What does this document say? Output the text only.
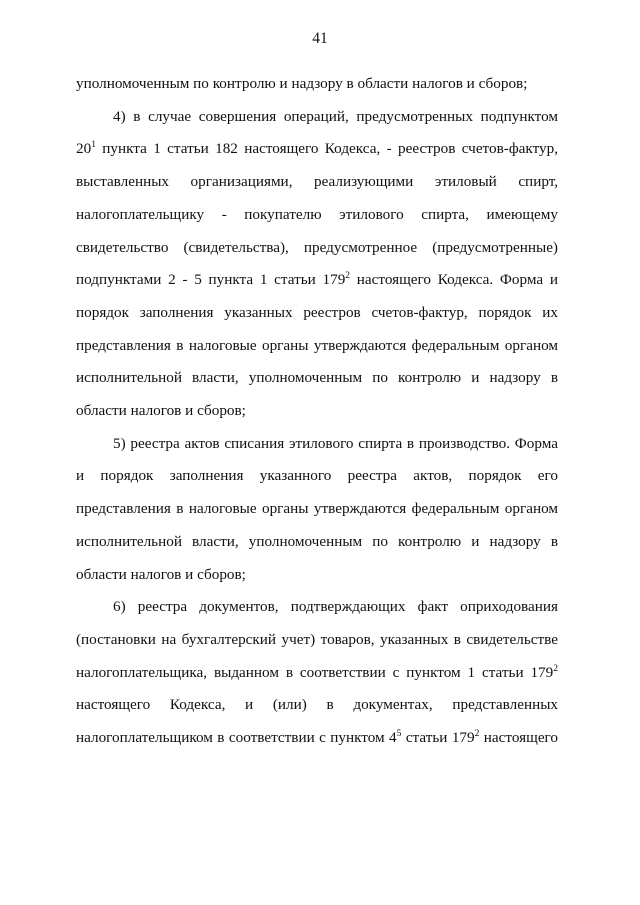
41

уполномоченным по контролю и надзору в области налогов и сборов;

4) в случае совершения операций, предусмотренных подпунктом $20^1$ пункта 1 статьи 182 настоящего Кодекса, - реестров счетов-фактур, выставленных организациями, реализующими этиловый спирт, налогоплательщику - покупателю этилового спирта, имеющему свидетельство (свидетельства), предусмотренное (предусмотренные) подпунктами 2 - 5 пункта 1 статьи $179^2$ настоящего Кодекса. Форма и порядок заполнения указанных реестров счетов-фактур, порядок их представления в налоговые органы утверждаются федеральным органом исполнительной власти, уполномоченным по контролю и надзору в области налогов и сборов;

5) реестра актов списания этилового спирта в производство. Форма и порядок заполнения указанного реестра актов, порядок его представления в налоговые органы утверждаются федеральным органом исполнительной власти, уполномоченным по контролю и надзору в области налогов и сборов;

6) реестра документов, подтверждающих факт оприходования (постановки на бухгалтерский учет) товаров, указанных в свидетельстве налогоплательщика, выданном в соответствии с пунктом 1 статьи $179^2$ настоящего Кодекса, и (или) в документах, представленных налогоплательщиком в соответствии с пунктом $4^5$ статьи $179^2$ настоящего
